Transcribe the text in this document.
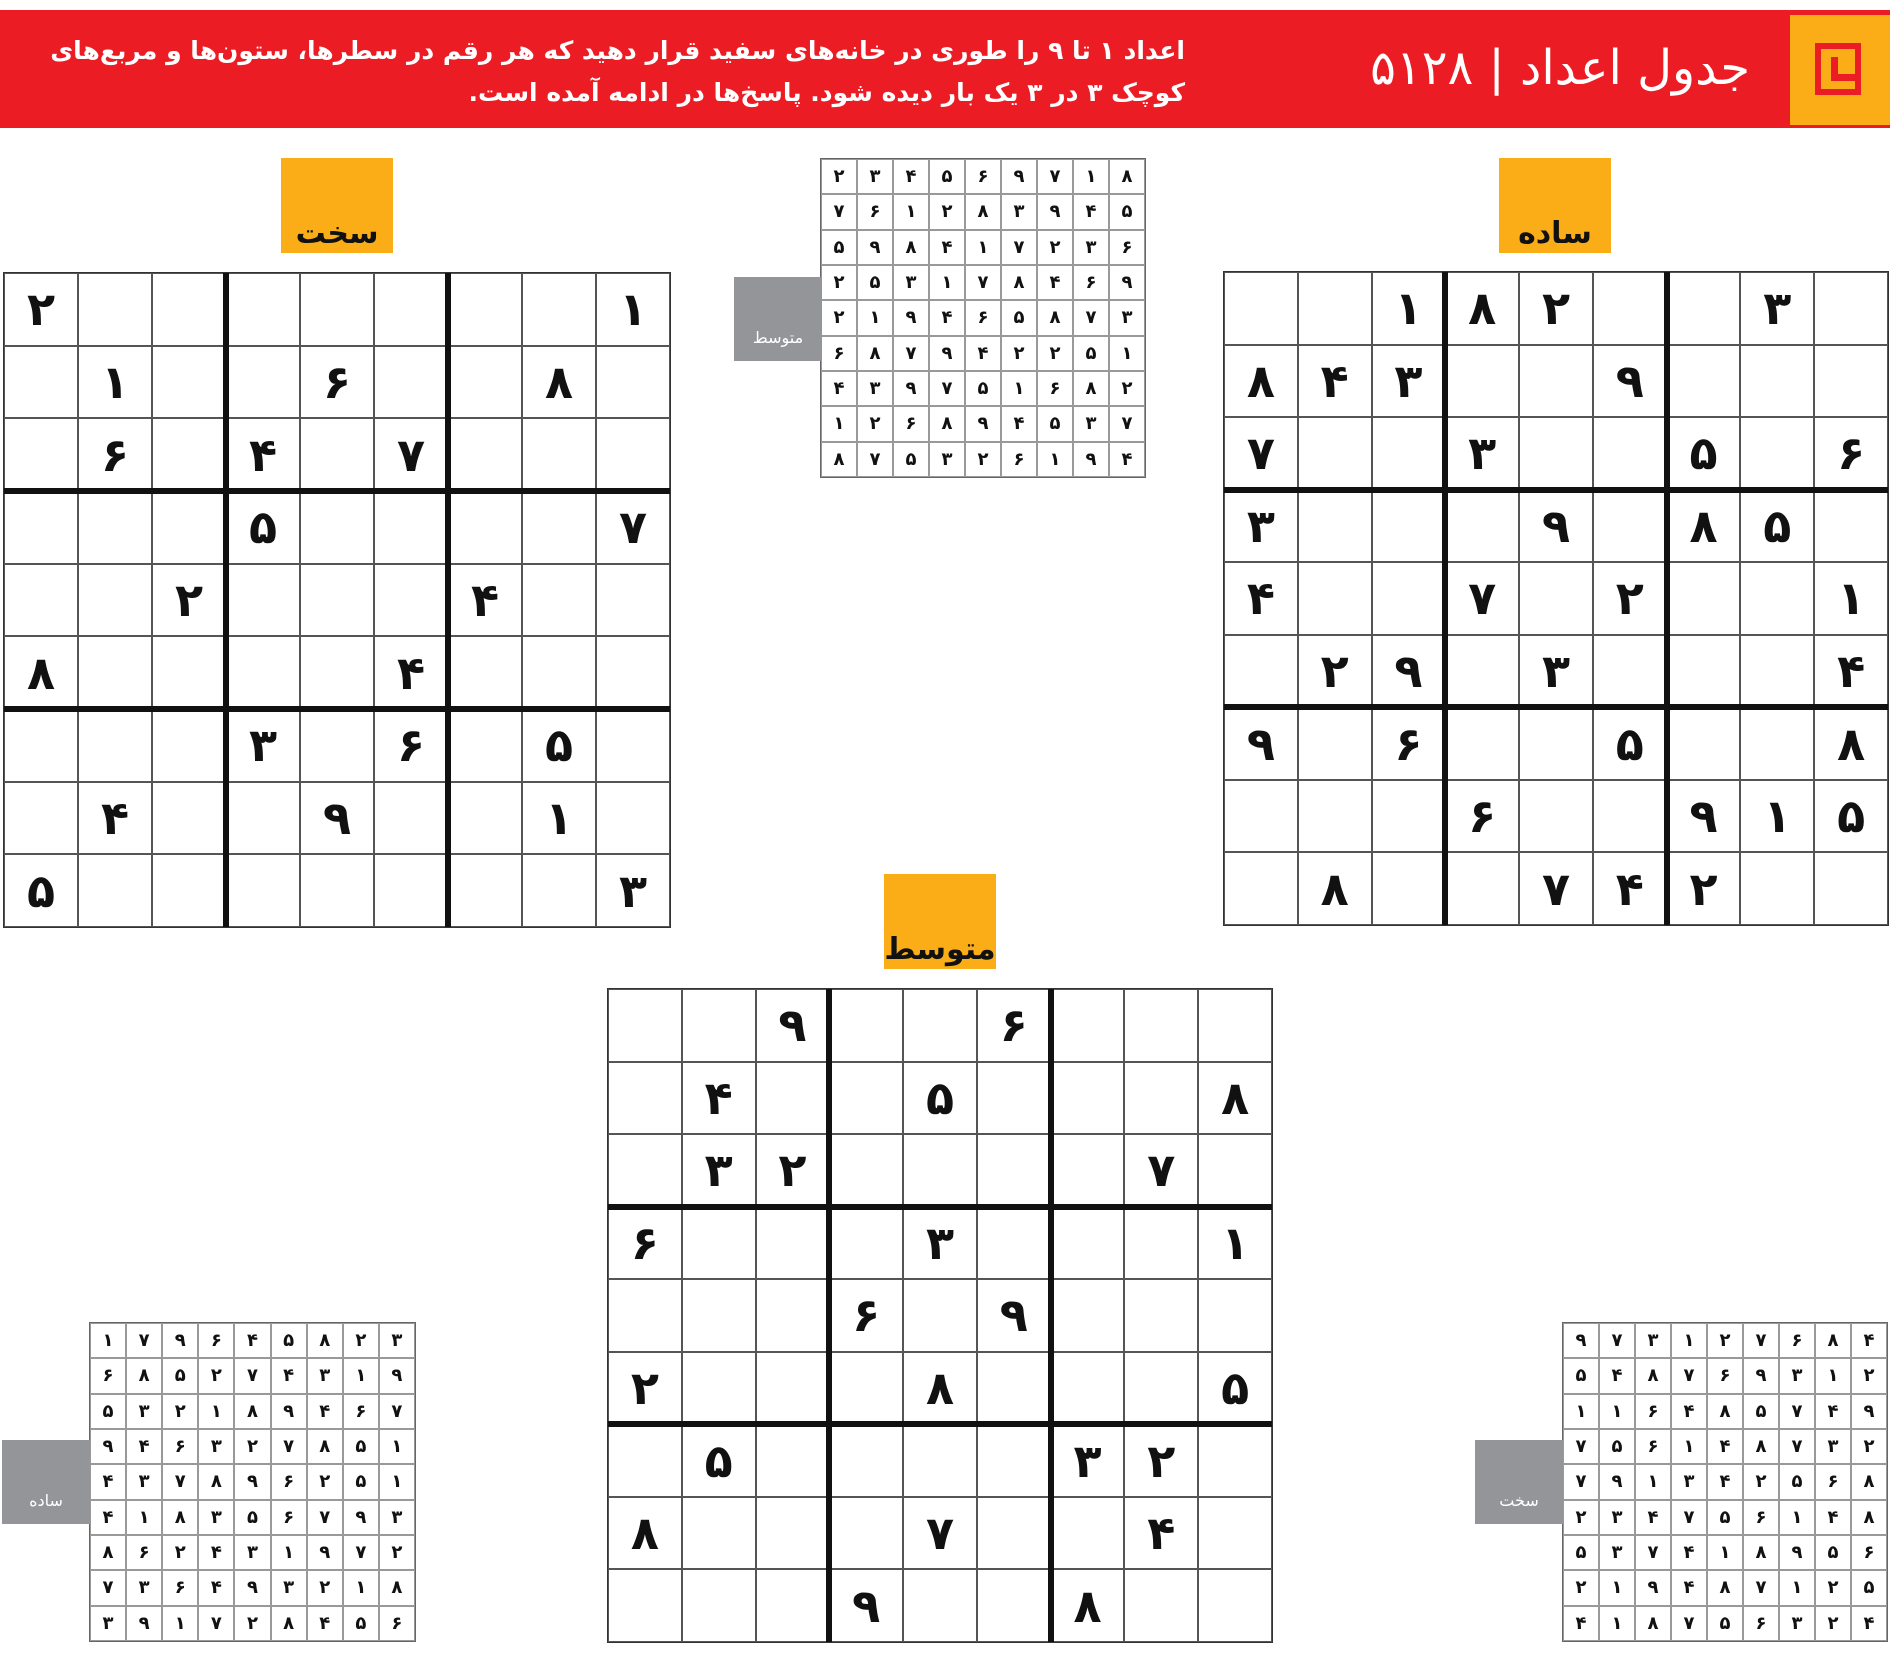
جدول اعداد | ۵۱۲۸
اعداد ۱ تا ۹ را طوری در خانه‌های سفید قرار دهید که هر رقم در سطرها، ستون‌ها و مربع‌های کوچک ۳ در ۳ یک بار دیده شود. پاسخ‌ها در ادامه آمده است.
سخت	ساده
متوسط
۱
۲
۸
۶
۱
۷
۴
۶
۷
۵
۴
۲
۴
۸
۵
۶
۳
۱
۹
۴
۳
۵
۳
۲
۸
۱
۹
۳
۴
۸
۶
۵
۳
۷
۵
۸
۹
۳
۱
۲
۷
۴
۴
۳
۹
۲
۸
۵
۶
۹
۵
۱
۹
۶
۲
۴
۷
۸
۶
۹
۸
۵
۴
۷
۲
۳
۱
۳
۶
۹
۶
۵
۸
۲
۲
۳
۵
۴
۷
۸
۸
۹
۸
۱
۷
۹
۶
۵
۴
۳
۲
۵
۴
۹
۳
۸
۲
۱
۶
۷
۶
۳
۲
۷
۱
۴
۸
۹
۵
۹
۶
۴
۸
۷
۱
۳
۵
۲
۳
۷
۸
۵
۶
۴
۹
۱
۲
۱
۵
۲
۲
۴
۹
۷
۸
۶
۲
۸
۶
۱
۵
۷
۹
۳
۴
۷
۳
۵
۴
۹
۸
۶
۲
۱
۴
۹
۱
۶
۲
۳
۵
۷
۸
متوسط
۳
۲
۸
۵
۴
۶
۹
۷
۱
۹
۱
۳
۴
۷
۲
۵
۸
۶
۷
۶
۴
۹
۸
۱
۲
۳
۵
۱
۵
۸
۷
۲
۳
۶
۴
۹
۱
۵
۲
۶
۹
۸
۷
۳
۴
۳
۹
۷
۶
۵
۳
۸
۱
۴
۲
۷
۹
۱
۳
۴
۲
۶
۸
۸
۱
۲
۳
۹
۴
۶
۳
۷
۶
۵
۴
۸
۲
۷
۱
۹
۳
ساده
۴
۸
۶
۷
۲
۱
۳
۷
۹
۲
۱
۳
۹
۶
۷
۸
۴
۵
۹
۴
۷
۵
۸
۴
۶
۱
۱
۲
۳
۷
۸
۴
۱
۶
۵
۷
۸
۶
۵
۲
۴
۳
۱
۹
۷
۸
۴
۱
۶
۵
۷
۴
۳
۲
۶
۵
۹
۸
۱
۴
۷
۳
۵
۵
۲
۱
۷
۸
۴
۹
۱
۲
۴
۲
۳
۶
۵
۷
۸
۱
۴
سخت
